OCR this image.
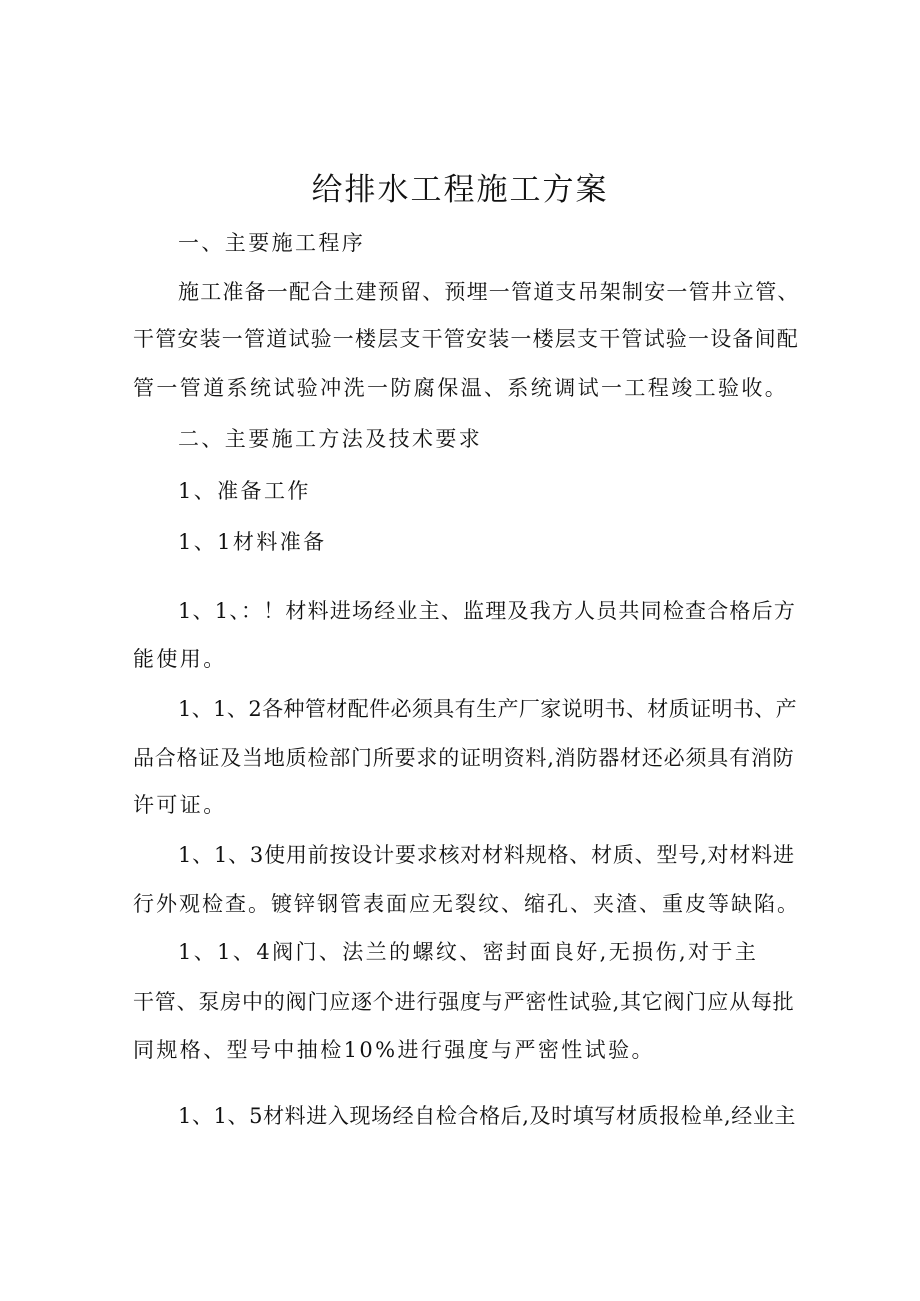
给排水工程施工方案
一、主要施工程序
施工准备一配合土建预留、预埋一管道支吊架制安一管井立管、
干管安装一管道试验一楼层支干管安装一楼层支干管试验一设备间配
管一管道系统试验冲洗一防腐保温、系统调试一工程竣工验收。
二、主要施工方法及技术要求
1、准备工作
1、1材料准备
1、1、：！材料进场经业主、监理及我方人员共同检查合格后方
能使用。
1、1、2各种管材配件必须具有生产厂家说明书、材质证明书、产
品合格证及当地质检部门所要求的证明资料,消防器材还必须具有消防
许可证。
1、1、3使用前按设计要求核对材料规格、材质、型号,对材料进
行外观检查。镀锌钢管表面应无裂纹、缩孔、夹渣、重皮等缺陷。
1、1、4阀门、法兰的螺纹、密封面良好,无损伤,对于主
干管、泵房中的阀门应逐个进行强度与严密性试验,其它阀门应从每批
同规格、型号中抽检10%进行强度与严密性试验。
1、1、5材料进入现场经自检合格后,及时填写材质报检单,经业主
